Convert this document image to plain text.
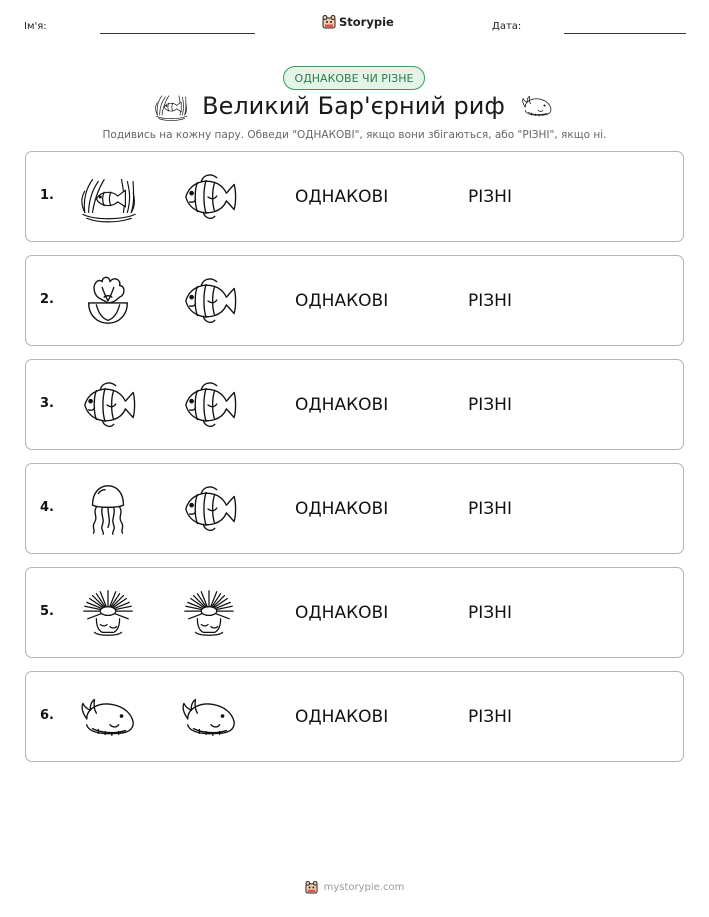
Ім'я:	Storypie	Дата:
ОДНАКОВЕ ЧИ РІЗНЕ
Великий Бар'єрний риф
Подивись на кожну пару. Обведи "ОДНАКОВІ", якщо вони збігаються, або "РІЗНІ", якщо ні.
1.	ОДНАКОВІ	РІЗНІ
2.	ОДНАКОВІ	РІЗНІ
3.	ОДНАКОВІ	РІЗНІ
4.	ОДНАКОВІ	РІЗНІ
5.	ОДНАКОВІ	РІЗНІ
6.	ОДНАКОВІ	РІЗНІ
mystorypie.com
